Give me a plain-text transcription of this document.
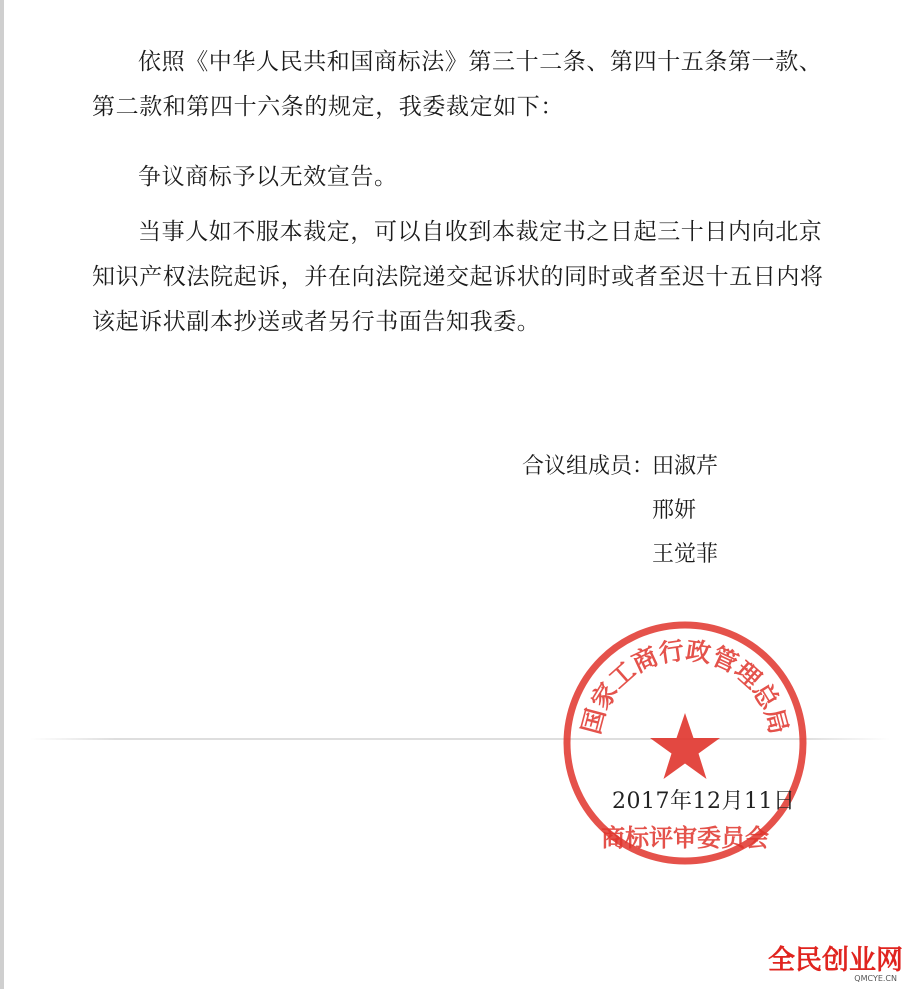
依照《中华人民共和国商标法》第三十二条、第四十五条第一款、第二款和第四十六条的规定，我委裁定如下：

争议商标予以无效宣告。

当事人如不服本裁定，可以自收到本裁定书之日起三十日内向北京知识产权法院起诉，并在向法院递交起诉状的同时或者至迟十五日内将该起诉状副本抄送或者另行书面告知我委。

合议组成员：
田淑芹
邢妍
王觉菲
国家工商行政管理总局
商标评审委员会
2017年12月11日
全民创业网
QMCYE.CN
